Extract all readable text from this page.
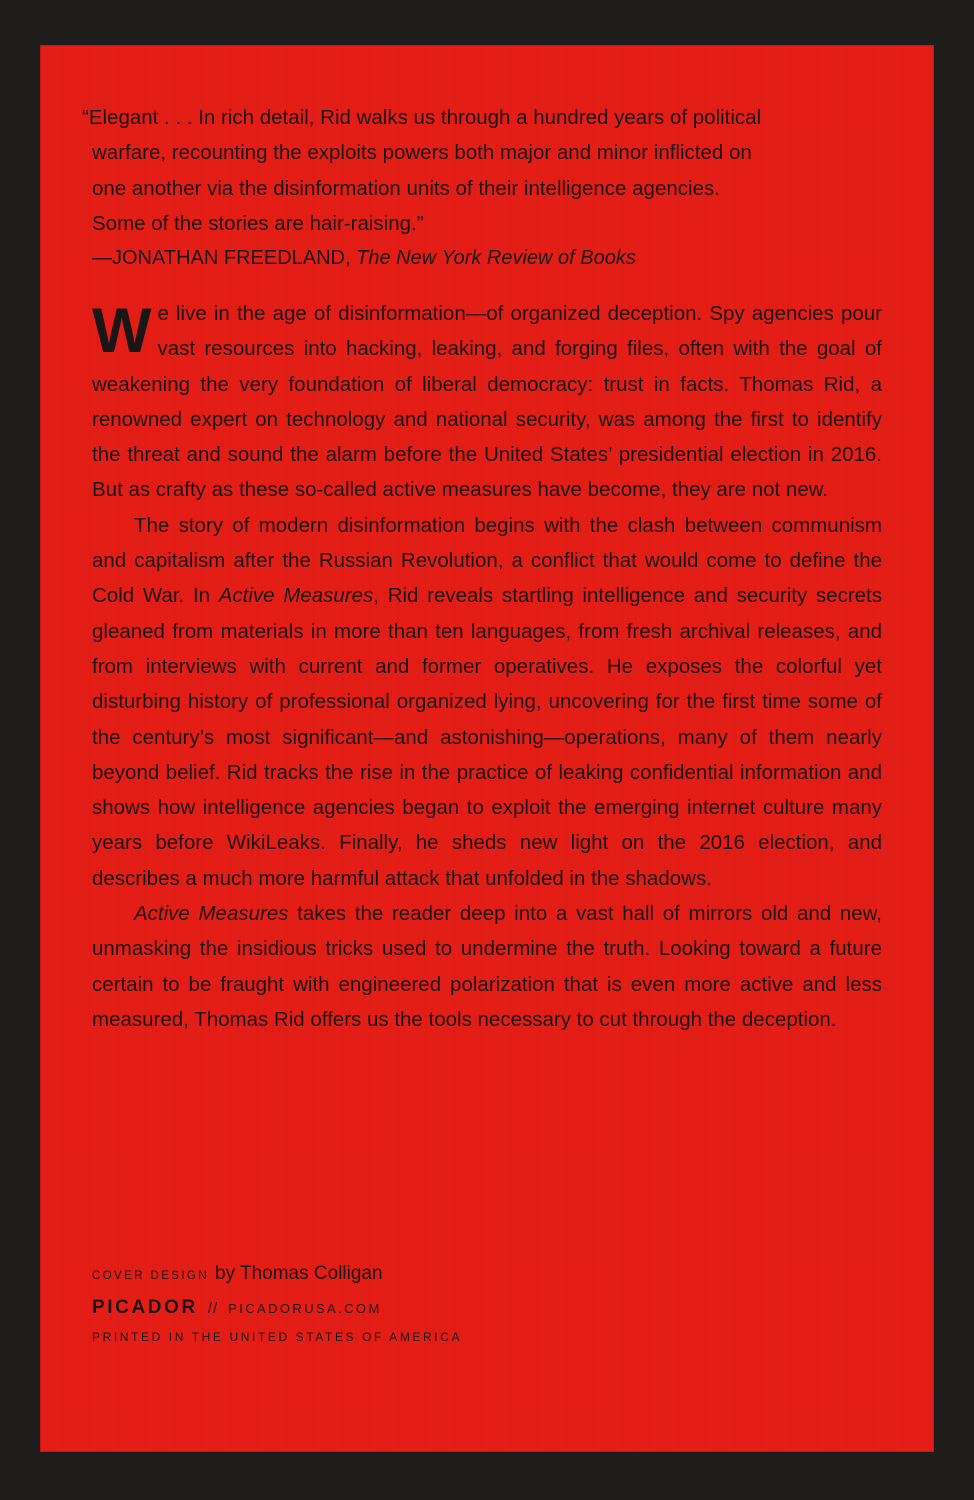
“Elegant . . . In rich detail, Rid walks us through a hundred years of political
warfare, recounting the exploits powers both major and minor inflicted on
one another via the disinformation units of their intelligence agencies.
Some of the stories are hair-raising.”
—JONATHAN FREEDLAND, The New York Review of Books

We live in the age of disinformation—of organized deception. Spy agencies pour vast resources into hacking, leaking, and forging files, often with the goal of weakening the very foundation of liberal democracy: trust in facts. Thomas Rid, a renowned expert on technology and national security, was among the first to identify the threat and sound the alarm before the United States’ presidential election in 2016. But as crafty as these so-called active measures have become, they are not new.

The story of modern disinformation begins with the clash between communism and capitalism after the Russian Revolution, a conflict that would come to define the Cold War. In Active Measures, Rid reveals startling intelligence and security secrets gleaned from materials in more than ten languages, from fresh archival releases, and from interviews with current and former operatives. He exposes the colorful yet disturbing history of professional organized lying, uncovering for the first time some of the century’s most significant—and astonishing—operations, many of them nearly beyond belief. Rid tracks the rise in the practice of leaking confidential information and shows how intelligence agencies began to exploit the emerging internet culture many years before WikiLeaks. Finally, he sheds new light on the 2016 election, and describes a much more harmful attack that unfolded in the shadows.

Active Measures takes the reader deep into a vast hall of mirrors old and new, unmasking the insidious tricks used to undermine the truth. Looking toward a future certain to be fraught with engineered polarization that is even more active and less measured, Thomas Rid offers us the tools necessary to cut through the deception.

COVER DESIGN by Thomas Colligan
PICADOR // PICADORUSA.COM
PRINTED IN THE UNITED STATES OF AMERICA
